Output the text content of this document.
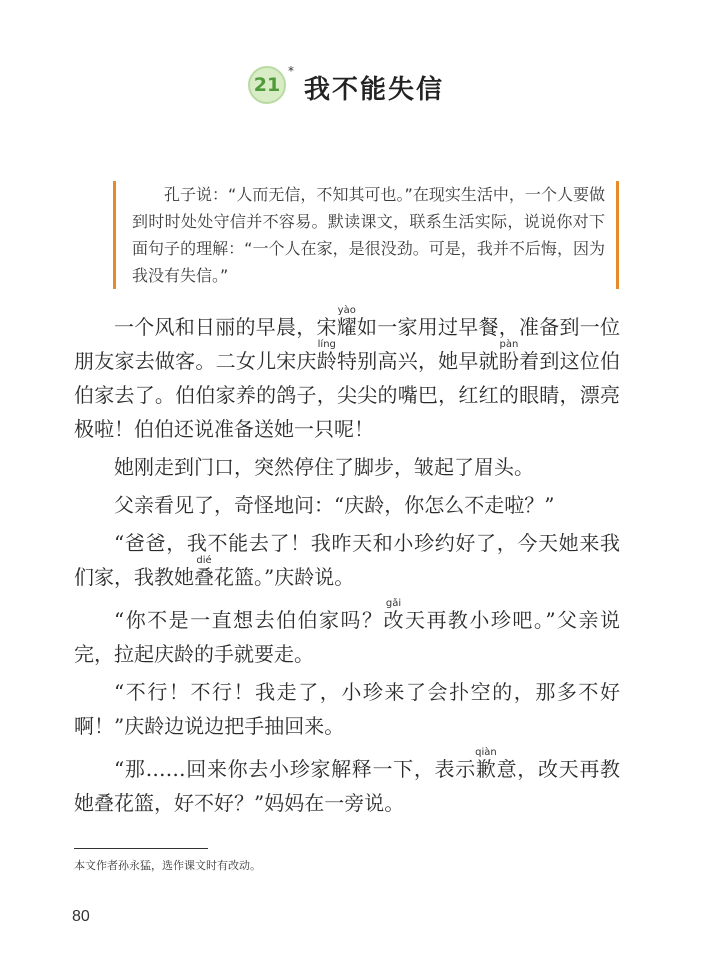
21
*
我不能失信

孔子说：“人而无信，不知其可也。”在现实生活中，一个人要做到时时处处守信并不容易。默读课文，联系生活实际，说说你对下面句子的理解：“一个人在家，是很没劲。可是，我并不后悔，因为我没有失信。”

一个风和日丽的早晨，宋耀yào如一家用过早餐，准备到一位朋友家去做客。二女儿宋庆龄líng特别高兴，她早就盼pàn着到这位伯伯家去了。伯伯家养的鸽子，尖尖的嘴巴，红红的眼睛，漂亮极啦！伯伯还说准备送她一只呢！

她刚走到门口，突然停住了脚步，皱起了眉头。

父亲看见了，奇怪地问：“庆龄，你怎么不走啦？”

“爸爸，我不能去了！我昨天和小珍约好了，今天她来我们家，我教她叠dié花篮。”庆龄说。

“你不是一直想去伯伯家吗？改gǎi天再教小珍吧。”父亲说完，拉起庆龄的手就要走。

“不行！不行！我走了，小珍来了会扑空的，那多不好啊！”庆龄边说边把手抽回来。

“那……回来你去小珍家解释一下，表示歉qiàn意，改天再教她叠花篮，好不好？”妈妈在一旁说。

本文作者孙永猛，选作课文时有改动。
80
